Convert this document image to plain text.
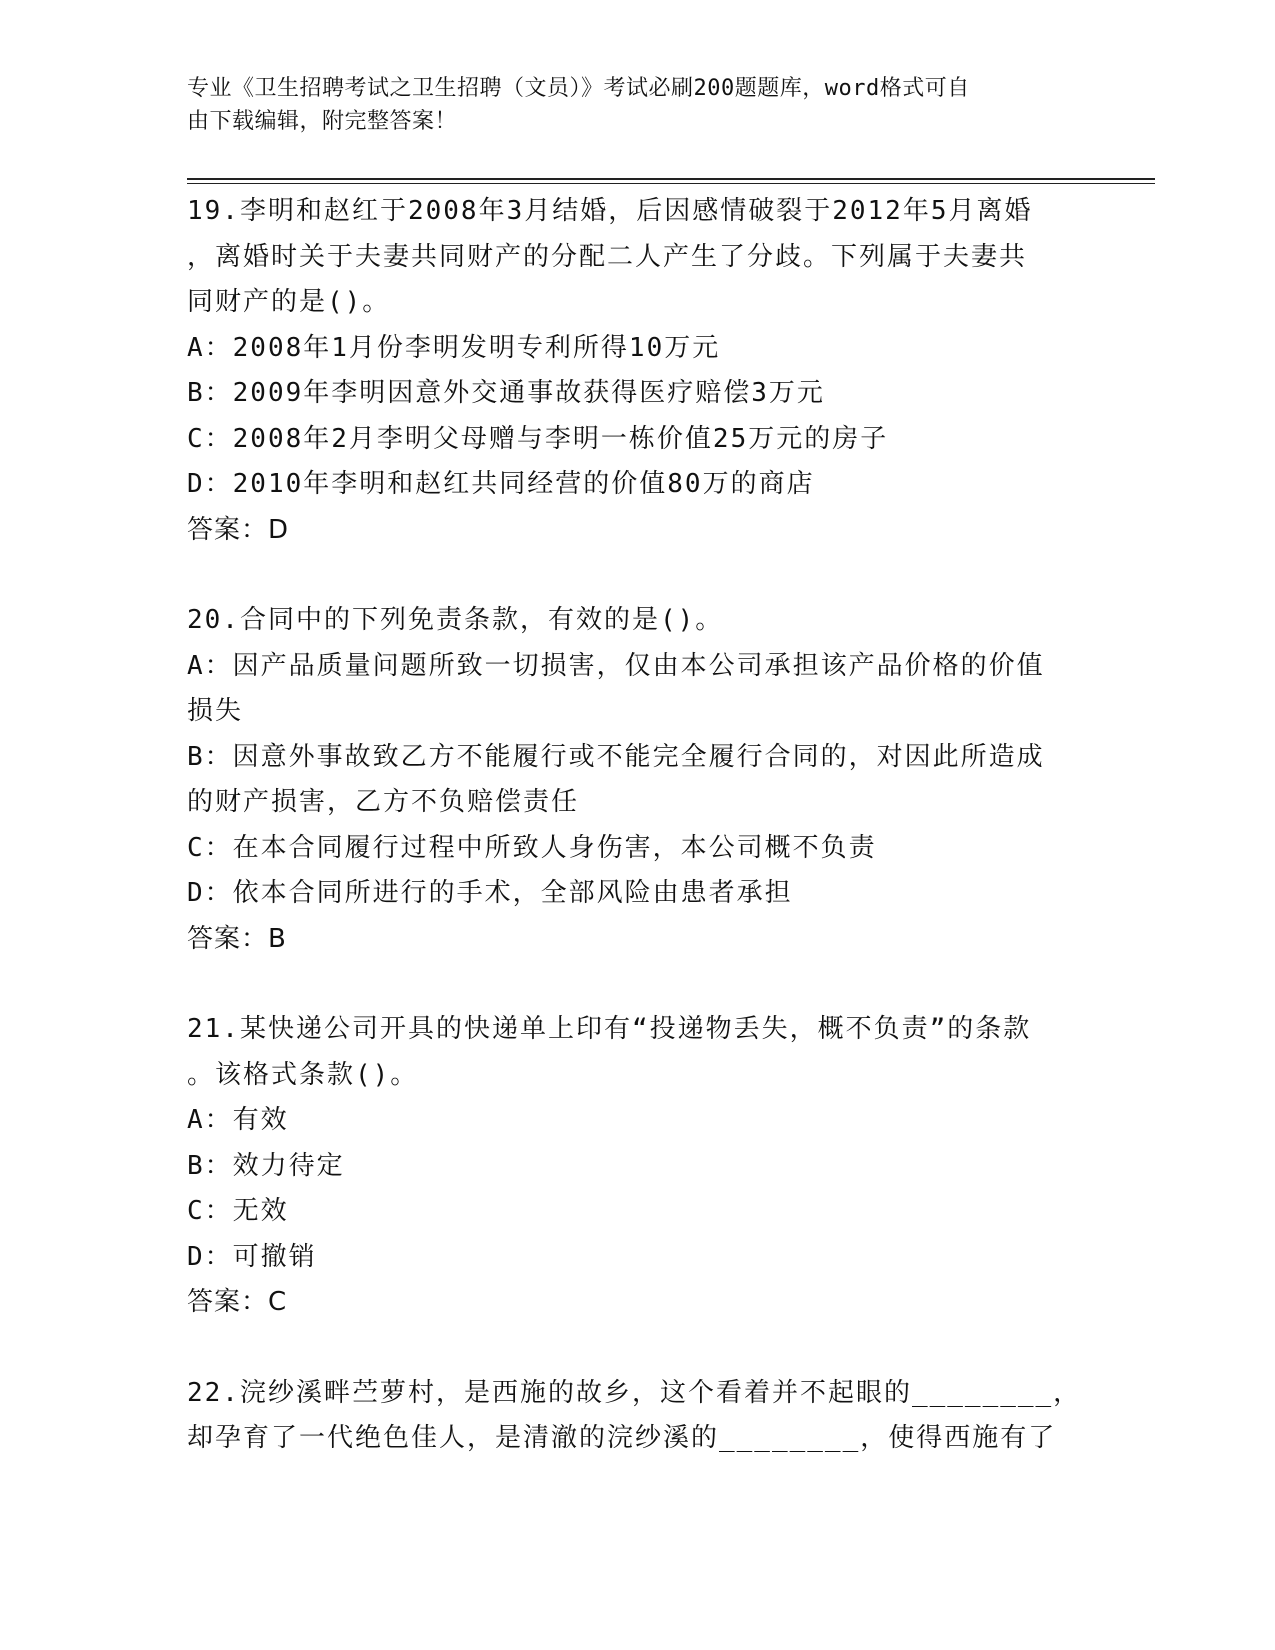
专业《卫生招聘考试之卫生招聘（文员）》考试必刷200题题库，word格式可自
由下载编辑，附完整答案！
19.李明和赵红于2008年3月结婚，后因感情破裂于2012年5月离婚
，离婚时关于夫妻共同财产的分配二人产生了分歧。下列属于夫妻共
同财产的是()。
A：2008年1月份李明发明专利所得10万元
B：2009年李明因意外交通事故获得医疗赔偿3万元
C：2008年2月李明父母赠与李明一栋价值25万元的房子
D：2010年李明和赵红共同经营的价值80万的商店
答案：D
20.合同中的下列免责条款，有效的是()。
A：因产品质量问题所致一切损害，仅由本公司承担该产品价格的价值
损失
B：因意外事故致乙方不能履行或不能完全履行合同的，对因此所造成
的财产损害，乙方不负赔偿责任
C：在本合同履行过程中所致人身伤害，本公司概不负责
D：依本合同所进行的手术，全部风险由患者承担
答案：B
21.某快递公司开具的快递单上印有“投递物丢失，概不负责”的条款
。该格式条款()。
A：有效
B：效力待定
C：无效
D：可撤销
答案：C
22.浣纱溪畔苎萝村，是西施的故乡，这个看着并不起眼的________，
却孕育了一代绝色佳人，是清澈的浣纱溪的________，使得西施有了
